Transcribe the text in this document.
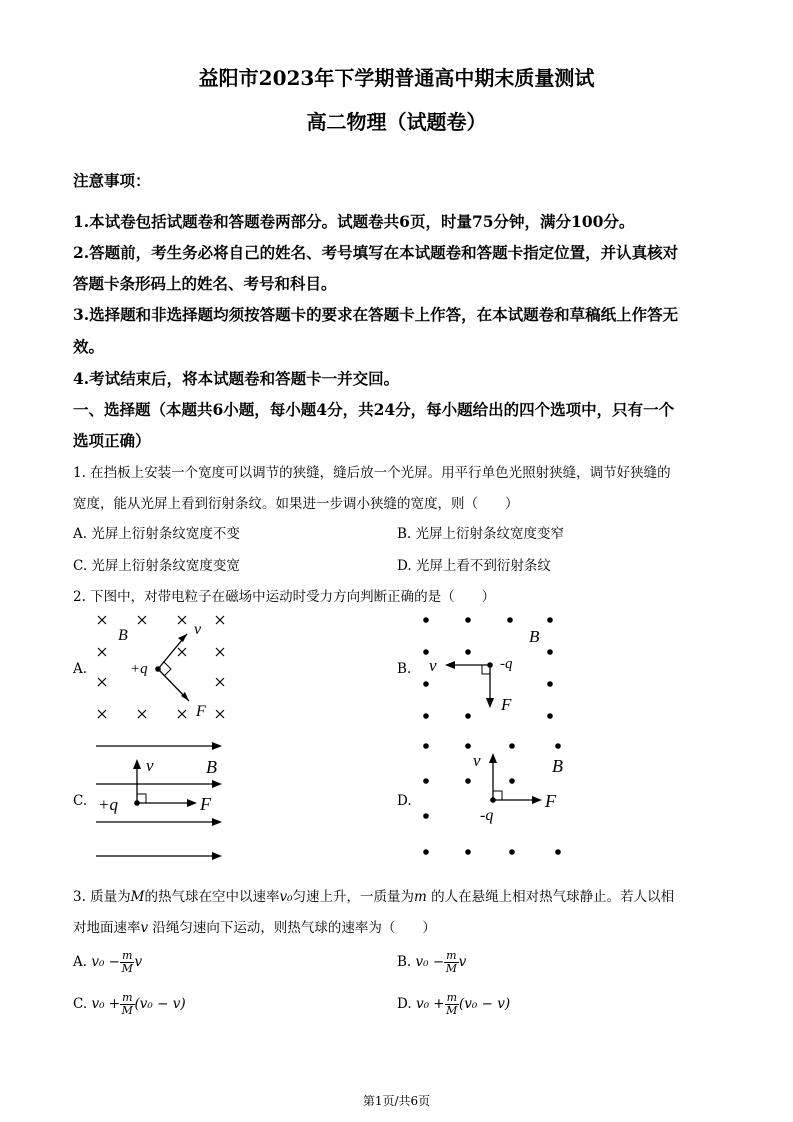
益阳市2023年下学期普通高中期末质量测试
高二物理（试题卷）
注意事项：
1.本试卷包括试题卷和答题卷两部分。试题卷共6页，时量75分钟，满分100分。
2.答题前，考生务必将自己的姓名、考号填写在本试题卷和答题卡指定位置，并认真核对
答题卡条形码上的姓名、考号和科目。
3.选择题和非选择题均须按答题卡的要求在答题卡上作答，在本试题卷和草稿纸上作答无
效。
4.考试结束后，将本试题卷和答题卡一并交回。
一、选择题（本题共6小题，每小题4分，共24分，每小题给出的四个选项中，只有一个
选项正确）
1. 在挡板上安装一个宽度可以调节的狭缝，缝后放一个光屏。用平行单色光照射狭缝，调节好狭缝的
宽度，能从光屏上看到衍射条纹。如果进一步调小狭缝的宽度，则（　　）
A. 光屏上衍射条纹宽度不变	B. 光屏上衍射条纹宽度变窄
C. 光屏上衍射条纹宽度变宽	D. 光屏上看不到衍射条纹
2. 下图中，对带电粒子在磁场中运动时受力方向判断正确的是（　　）
A.	B.
C.	D.
B	v
F
+q
B
v	-q
F
v	B
+q	F
v	B
-q
F
3. 质量为M的热气球在空中以速率v₀匀速上升，一质量为m 的人在悬绳上相对热气球静止。若人以相
对地面速率v 沿绳匀速向下运动，则热气球的速率为（　　）
A. $v_0 - \frac{m}{M}$ v	B. $v_0 - \frac{m}{M}$ v
C. $v_0 + \frac{m}{M} (v_0 - v)$	D. $v_0 + \frac{m}{M} (v_0 - v)$
第1页/共6页
